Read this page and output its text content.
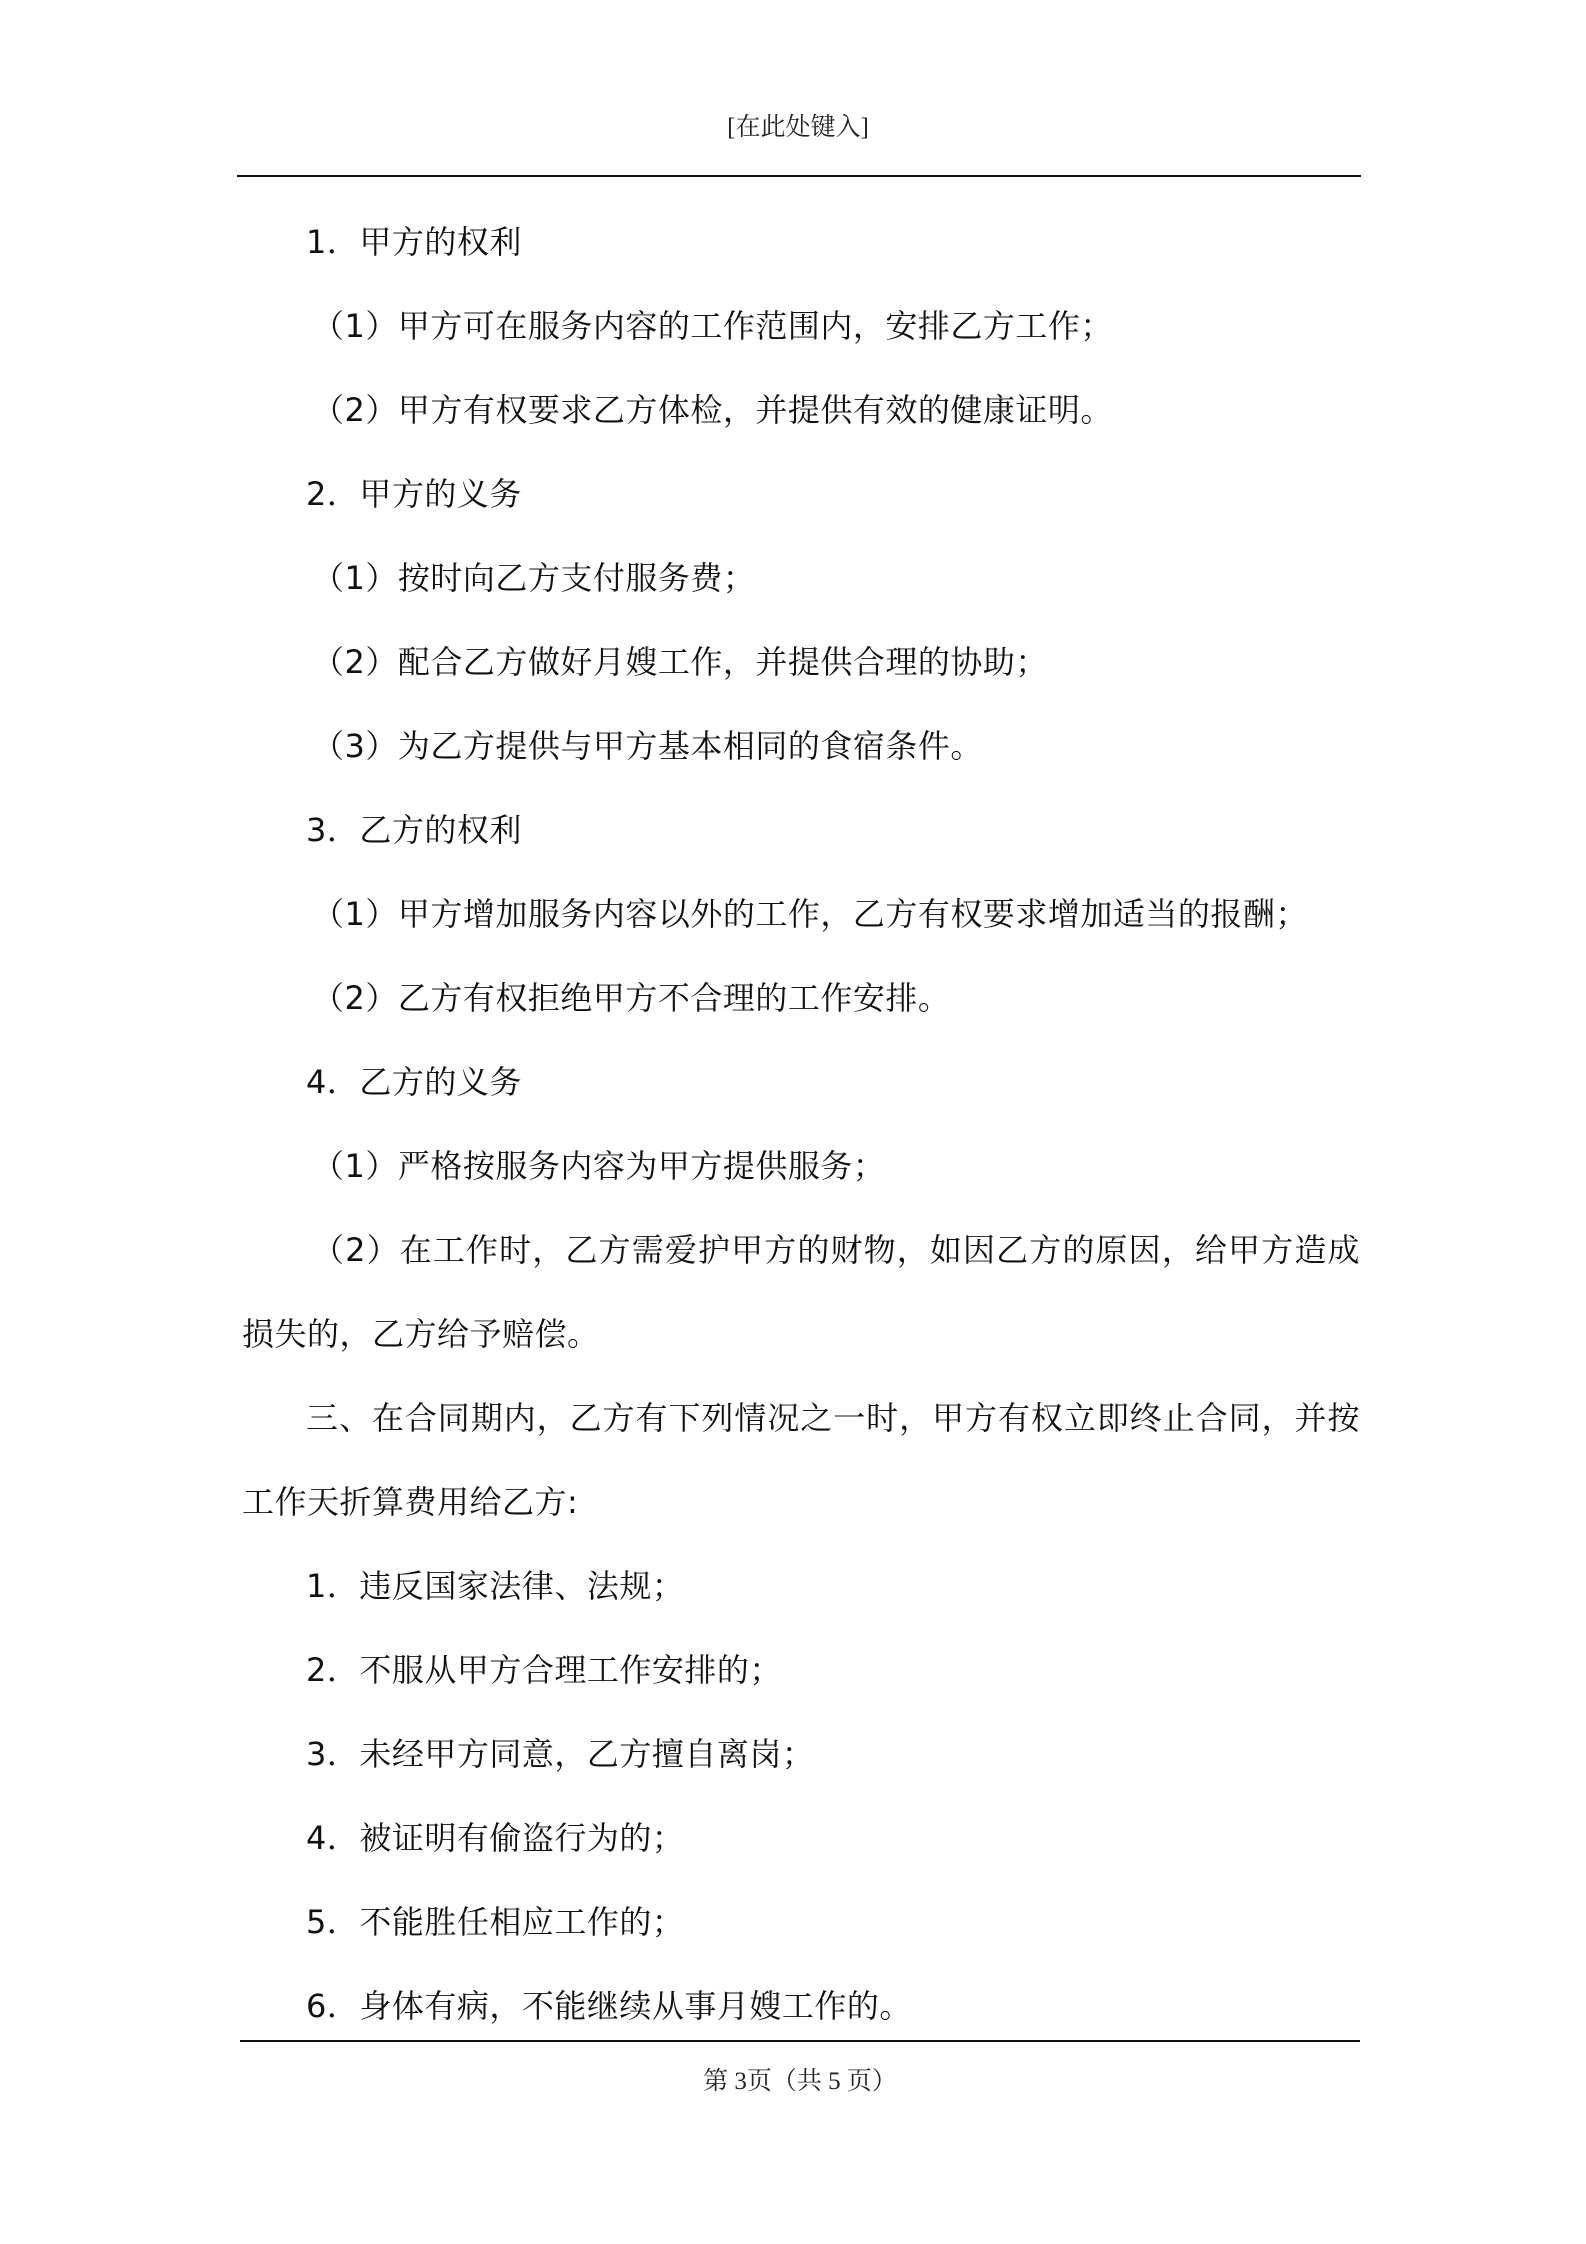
[在此处键入]

1．甲方的权利

（1）甲方可在服务内容的工作范围内，安排乙方工作；

（2）甲方有权要求乙方体检，并提供有效的健康证明。

2．甲方的义务

（1）按时向乙方支付服务费；

（2）配合乙方做好月嫂工作，并提供合理的协助；

（3）为乙方提供与甲方基本相同的食宿条件。

3．乙方的权利

（1）甲方增加服务内容以外的工作，乙方有权要求增加适当的报酬；

（2）乙方有权拒绝甲方不合理的工作安排。

4．乙方的义务

（1）严格按服务内容为甲方提供服务；

（2）在工作时，乙方需爱护甲方的财物，如因乙方的原因，给甲方造成损失的，乙方给予赔偿。

三、在合同期内，乙方有下列情况之一时，甲方有权立即终止合同，并按工作天折算费用给乙方:

1．违反国家法律、法规；

2．不服从甲方合理工作安排的；

3．未经甲方同意，乙方擅自离岗；

4．被证明有偷盗行为的；

5．不能胜任相应工作的；

6．身体有病，不能继续从事月嫂工作的。

第 3页（共 5 页）
